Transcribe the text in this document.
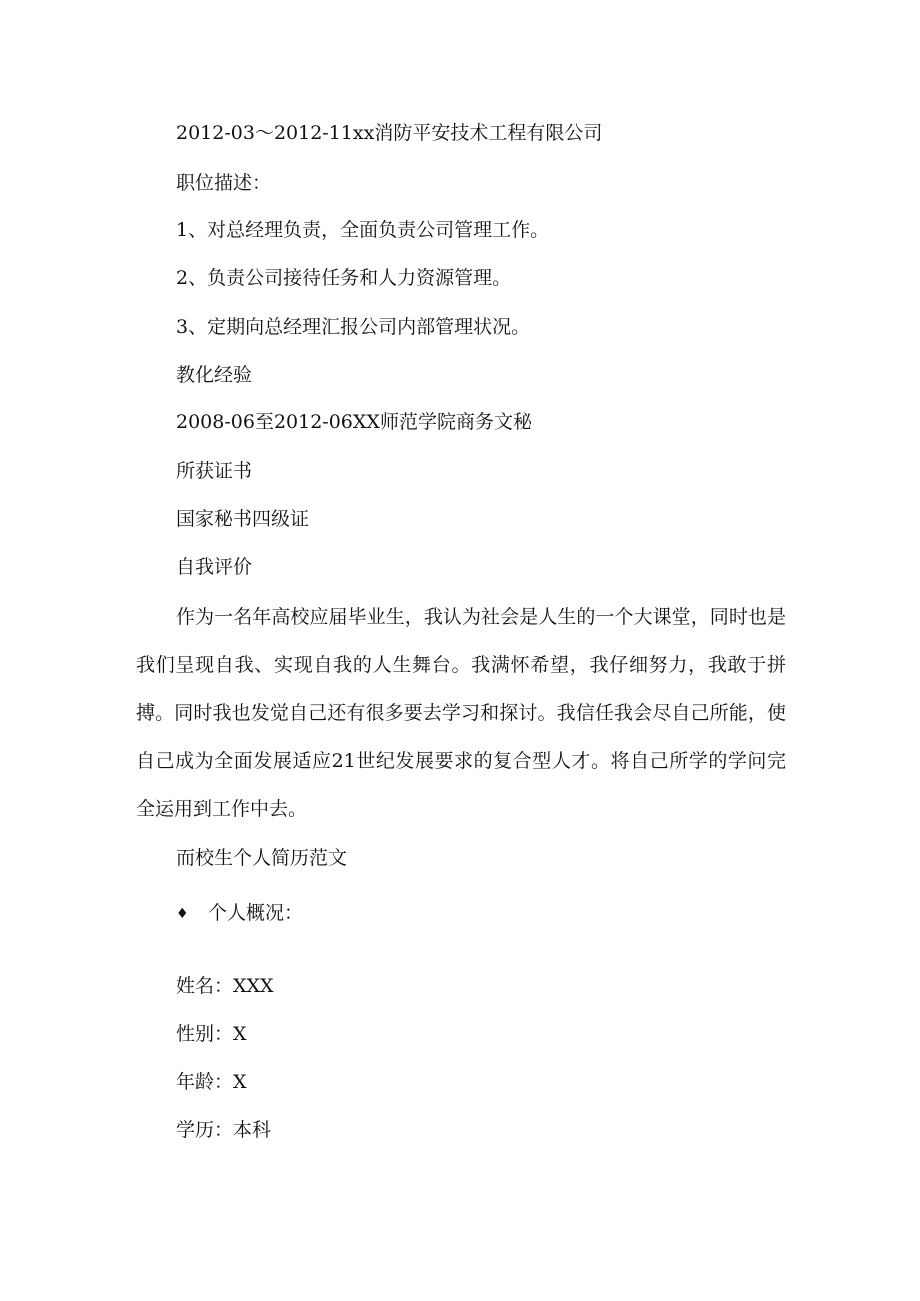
2012-03～2012-11xx消防平安技术工程有限公司
职位描述：
1、对总经理负责，全面负责公司管理工作。
2、负责公司接待任务和人力资源管理。
3、定期向总经理汇报公司内部管理状况。
教化经验
2008-06至2012-06XX师范学院商务文秘
所获证书
国家秘书四级证
自我评价
作为一名年高校应届毕业生，我认为社会是人生的一个大课堂，同时也是我们呈现自我、实现自我的人生舞台。我满怀希望，我仔细努力，我敢于拼搏。同时我也发觉自己还有很多要去学习和探讨。我信任我会尽自己所能，使自己成为全面发展适应21世纪发展要求的复合型人才。将自己所学的学问完全运用到工作中去。
而校生个人简历范文
♦ 个人概况：
姓名：XXX
性别：X
年龄：X
学历：本科
